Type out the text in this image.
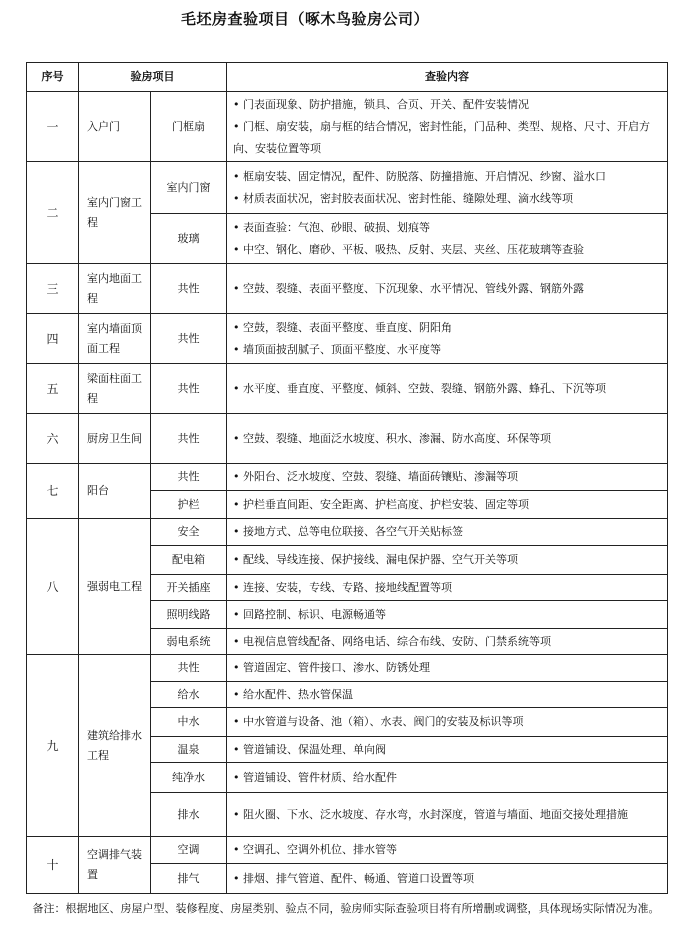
毛坯房查验项目（啄木鸟验房公司）
序号	验房项目		查验内容
一	入户门	门框扇	• 门表面现象、防护措施，锁具、合页、开关、配件安装情况
• 门框、扇安装，扇与框的结合情况，密封性能，门品种、类型、规格、尺寸、开启方向、安装位置等项

二	室内门窗工程	室内门窗	• 框扇安装、固定情况，配件、防脱落、防撞措施、开启情况、纱窗、溢水口
• 材质表面状况，密封胶表面状况、密封性能、缝隙处理、滴水线等项

		玻璃	• 表面查验：气泡、砂眼、破损、划痕等
• 中空、钢化、磨砂、平板、吸热、反射、夹层、夹丝、压花玻璃等查验

三	室内地面工程	共性	• 空鼓、裂缝、表面平整度、下沉现象、水平情况、管线外露、钢筋外露

四	室内墙面顶面工程	共性	• 空鼓，裂缝、表面平整度、垂直度、阴阳角
• 墙顶面披刮腻子、顶面平整度、水平度等

五	梁面柱面工程	共性	• 水平度、垂直度、平整度、倾斜、空鼓、裂缝、钢筋外露、蜂孔、下沉等项

六	厨房卫生间	共性	• 空鼓、裂缝、地面泛水坡度、积水、渗漏、防水高度、环保等项

七	阳台	共性	• 外阳台、泛水坡度、空鼓、裂缝、墙面砖镶贴、渗漏等项

		护栏	• 护栏垂直间距、安全距离、护栏高度、护栏安装、固定等项

八	强弱电工程	安全	• 接地方式、总等电位联接、各空气开关贴标签

		配电箱	• 配线、导线连接、保护接线、漏电保护器、空气开关等项

		开关插座	• 连接、安装，专线、专路、接地线配置等项

		照明线路	• 回路控制、标识、电源畅通等

		弱电系统	• 电视信息管线配备、网络电话、综合布线、安防、门禁系统等项

九	建筑给排水工程	共性	• 管道固定、管件接口、渗水、防锈处理

		给水	• 给水配件、热水管保温

		中水	• 中水管道与设备、池（箱）、水表、阀门的安装及标识等项

		温泉	• 管道铺设、保温处理、单向阀

		纯净水	• 管道铺设、管件材质、给水配件

		排水	• 阻火圈、下水、泛水坡度、存水弯，水封深度，管道与墙面、地面交接处理措施

十	空调排气装置	空调	• 空调孔、空调外机位、排水管等

		排气	• 排烟、排气管道、配件、畅通、管道口设置等项

备注：根据地区、房屋户型、装修程度、房屋类别、验点不同，验房师实际查验项目将有所增删或调整，具体现场实际情况为准。			
